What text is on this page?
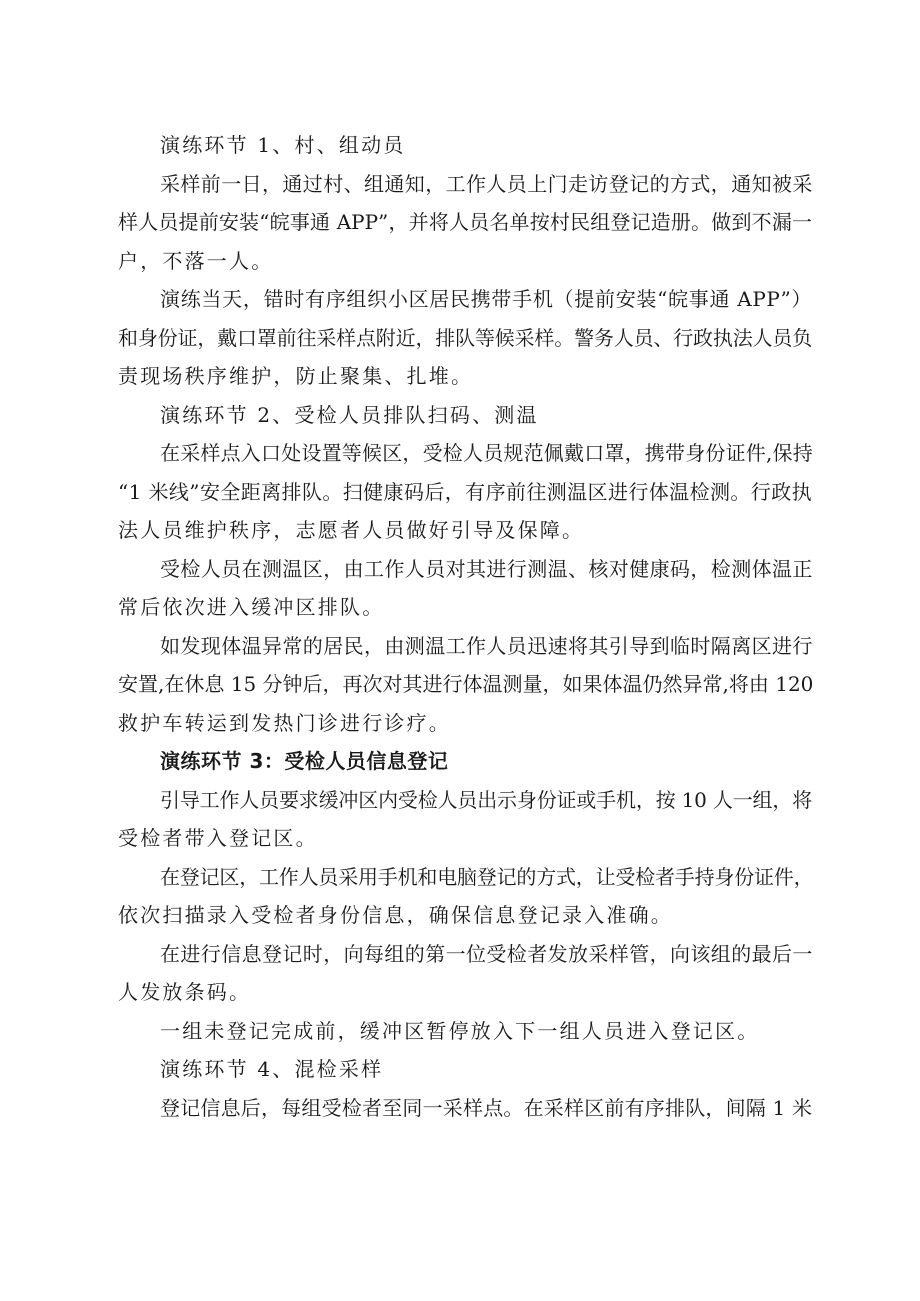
演练环节 1、村、组动员
采样前一日，通过村、组通知，工作人员上门走访登记的方式，通知被采
样人员提前安装“皖事通 APP”，并将人员名单按村民组登记造册。做到不漏一
户，不落一人。
演练当天，错时有序组织小区居民携带手机（提前安装“皖事通 APP”）
和身份证，戴口罩前往采样点附近，排队等候采样。警务人员、行政执法人员负
责现场秩序维护，防止聚集、扎堆。
演练环节 2、受检人员排队扫码、测温
在采样点入口处设置等候区，受检人员规范佩戴口罩，携带身份证件,保持
“1 米线”安全距离排队。扫健康码后，有序前往测温区进行体温检测。行政执
法人员维护秩序，志愿者人员做好引导及保障。
受检人员在测温区，由工作人员对其进行测温、核对健康码，检测体温正
常后依次进入缓冲区排队。
如发现体温异常的居民，由测温工作人员迅速将其引导到临时隔离区进行
安置,在休息 15 分钟后，再次对其进行体温测量，如果体温仍然异常,将由 120
救护车转运到发热门诊进行诊疗。
演练环节 3：受检人员信息登记
引导工作人员要求缓冲区内受检人员出示身份证或手机，按 10 人一组，将
受检者带入登记区。
在登记区，工作人员采用手机和电脑登记的方式，让受检者手持身份证件，
依次扫描录入受检者身份信息，确保信息登记录入准确。
在进行信息登记时，向每组的第一位受检者发放采样管，向该组的最后一
人发放条码。
一组未登记完成前，缓冲区暂停放入下一组人员进入登记区。
演练环节 4、混检采样
登记信息后，每组受检者至同一采样点。在采样区前有序排队，间隔 1 米
